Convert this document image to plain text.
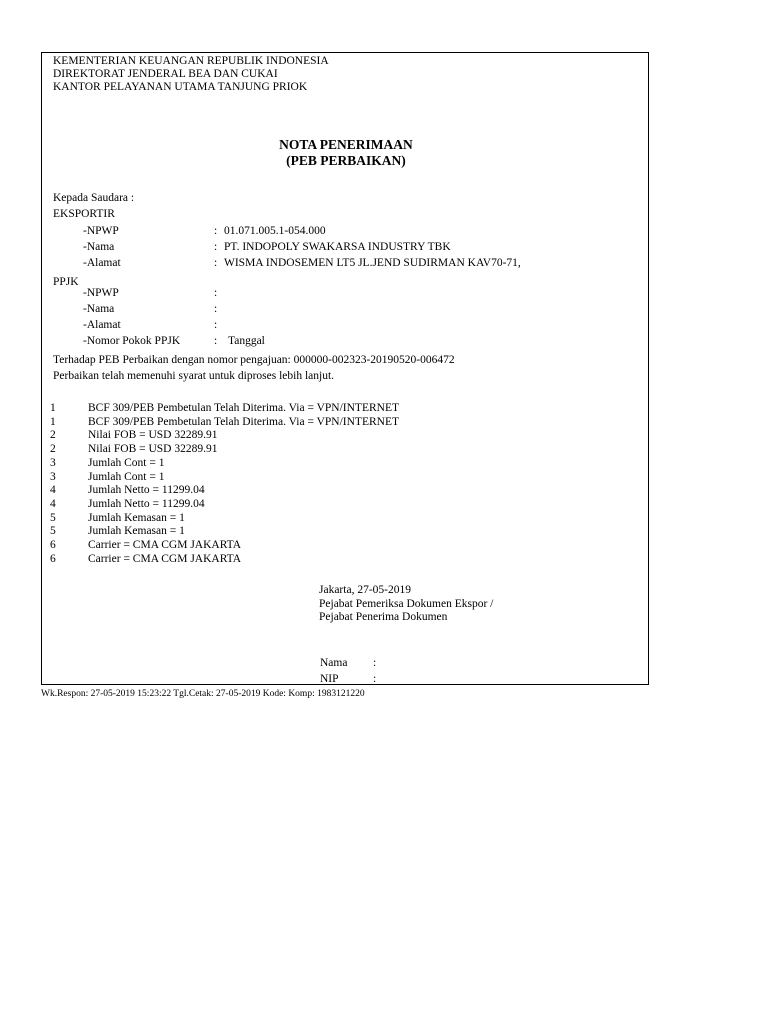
KEMENTERIAN KEUANGAN REPUBLIK INDONESIA
DIREKTORAT JENDERAL BEA DAN CUKAI
KANTOR PELAYANAN UTAMA TANJUNG PRIOK
NOTA PENERIMAAN
(PEB PERBAIKAN)
Kepada Saudara :
EKSPORTIR
-NPWP	: 01.071.005.1-054.000
-Nama	: PT. INDOPOLY SWAKARSA INDUSTRY TBK
-Alamat	: WISMA INDOSEMEN LT5 JL.JEND SUDIRMAN KAV70-71,
PPJK
-NPWP	:
-Nama	:
-Alamat	:
-Nomor Pokok PPJK	: Tanggal
Terhadap PEB Perbaikan dengan nomor pengajuan: 000000-002323-20190520-006472
Perbaikan telah memenuhi syarat untuk diproses lebih lanjut.
1	BCF 309/PEB Pembetulan Telah Diterima. Via = VPN/INTERNET
1	BCF 309/PEB Pembetulan Telah Diterima. Via = VPN/INTERNET
2	Nilai FOB = USD 32289.91
2	Nilai FOB = USD 32289.91
3	Jumlah Cont = 1
3	Jumlah Cont = 1
4	Jumlah Netto = 11299.04
4	Jumlah Netto = 11299.04
5	Jumlah Kemasan = 1
5	Jumlah Kemasan = 1
6	Carrier = CMA CGM JAKARTA
6	Carrier = CMA CGM JAKARTA
Jakarta, 27-05-2019
Pejabat Pemeriksa Dokumen Ekspor /
Pejabat Penerima Dokumen
Nama :
NIP	:
Wk.Respon: 27-05-2019 15:23:22 Tgl.Cetak: 27-05-2019 Kode: Komp: 1983121220
